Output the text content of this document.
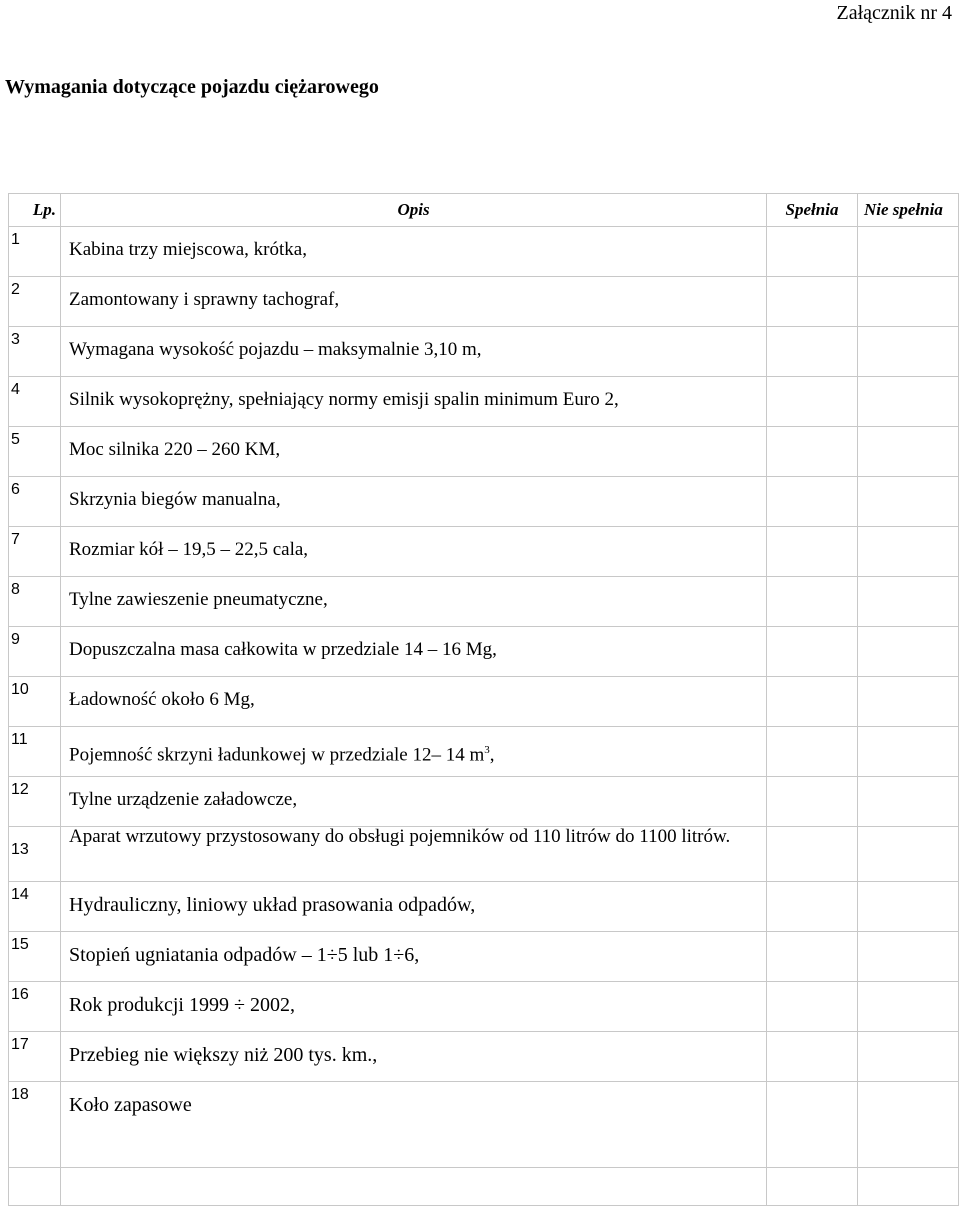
Załącznik nr 4
Wymagania dotyczące pojazdu ciężarowego
Lp.	Opis	Spełnia	Nie spełnia
1	Kabina trzy miejscowa, krótka,		
2	Zamontowany i sprawny tachograf,		
3	Wymagana wysokość pojazdu – maksymalnie 3,10 m,		
4	Silnik wysokoprężny, spełniający normy emisji spalin minimum Euro 2,		
5	Moc silnika 220 – 260 KM,		
6	Skrzynia biegów manualna,		
7	Rozmiar kół – 19,5 – 22,5 cala,		
8	Tylne zawieszenie pneumatyczne,		
9	Dopuszczalna masa całkowita w przedziale 14 – 16 Mg,		
10	Ładowność około 6 Mg,		
11	Pojemność skrzyni ładunkowej w przedziale 12– 14 $m^3$,		
12	Tylne urządzenie załadowcze,		
13	Aparat wrzutowy przystosowany do obsługi pojemników od 110 litrów do 1100 litrów.		
14	Hydrauliczny, liniowy układ prasowania odpadów,		
15	Stopień ugniatania odpadów – 1÷5 lub 1÷6,		
16	Rok produkcji 1999 ÷ 2002,		
17	Przebieg nie większy niż 200 tys. km.,		
18	Koło zapasowe		
